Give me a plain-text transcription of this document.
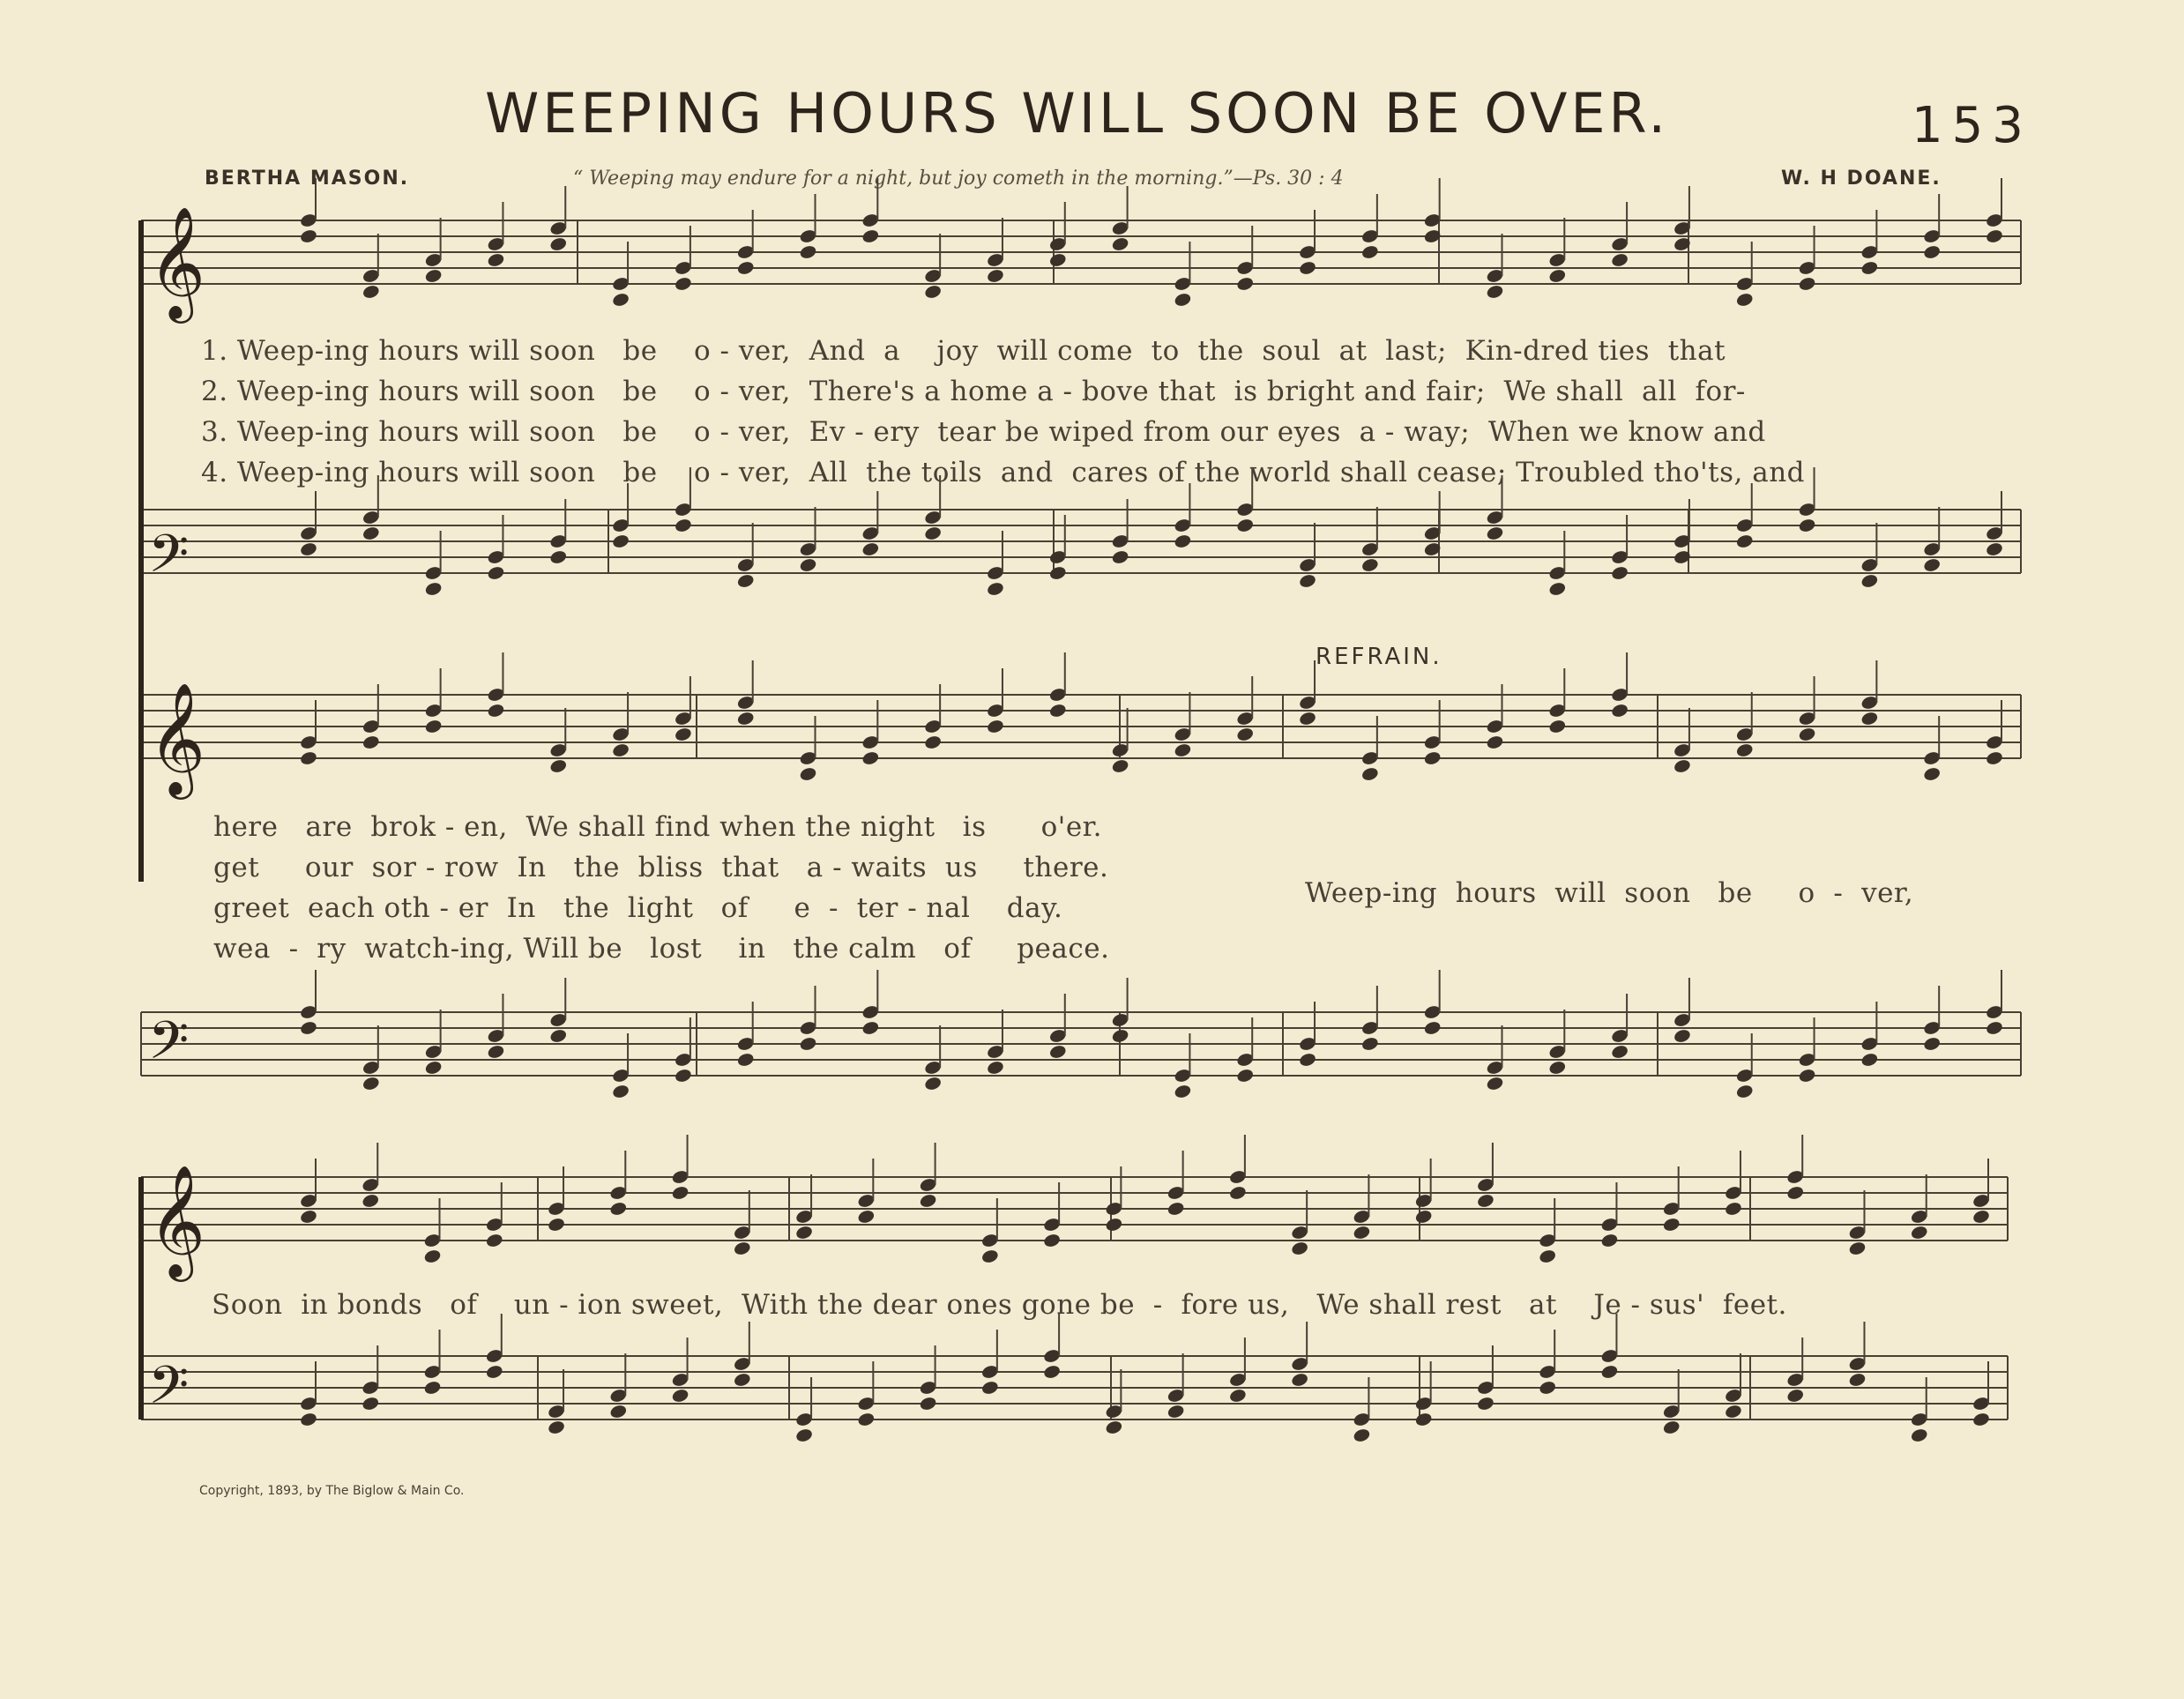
WEEPING HOURS WILL SOON BE OVER.	153
BERTHA MASON.	“ Weeping may endure for a night, but joy cometh in the morning.”—Ps. 30 : 4	W. H DOANE.
𝄞
𝄢
𝄞
𝄢
𝄞
𝄢
1. Weep-ing hours will soon   be    o - ver,  And  a    joy  will come  to  the  soul  at  last;  Kin-dred ties  that
2. Weep-ing hours will soon   be    o - ver,  There's a home a - bove that  is bright and fair;  We shall  all  for-
3. Weep-ing hours will soon   be    o - ver,  Ev - ery  tear be wiped from our eyes  a - way;  When we know and
4. Weep-ing hours will soon   be    o - ver,  All  the toils  and  cares of the world shall cease; Troubled tho'ts, and
REFRAIN.
here   are  brok - en,  We shall find when the night   is      o'er.
get     our  sor - row  In   the  bliss  that   a - waits  us     there.
greet  each oth - er  In   the  light   of     e  -  ter - nal    day.
wea  -  ry  watch-ing, Will be   lost    in   the calm   of     peace.
Weep-ing  hours  will  soon   be     o  -  ver,
Soon  in bonds   of    un - ion sweet,  With the dear ones gone be  -  fore us,   We shall rest   at    Je - sus'  feet.
Copyright, 1893, by The Biglow & Main Co.
